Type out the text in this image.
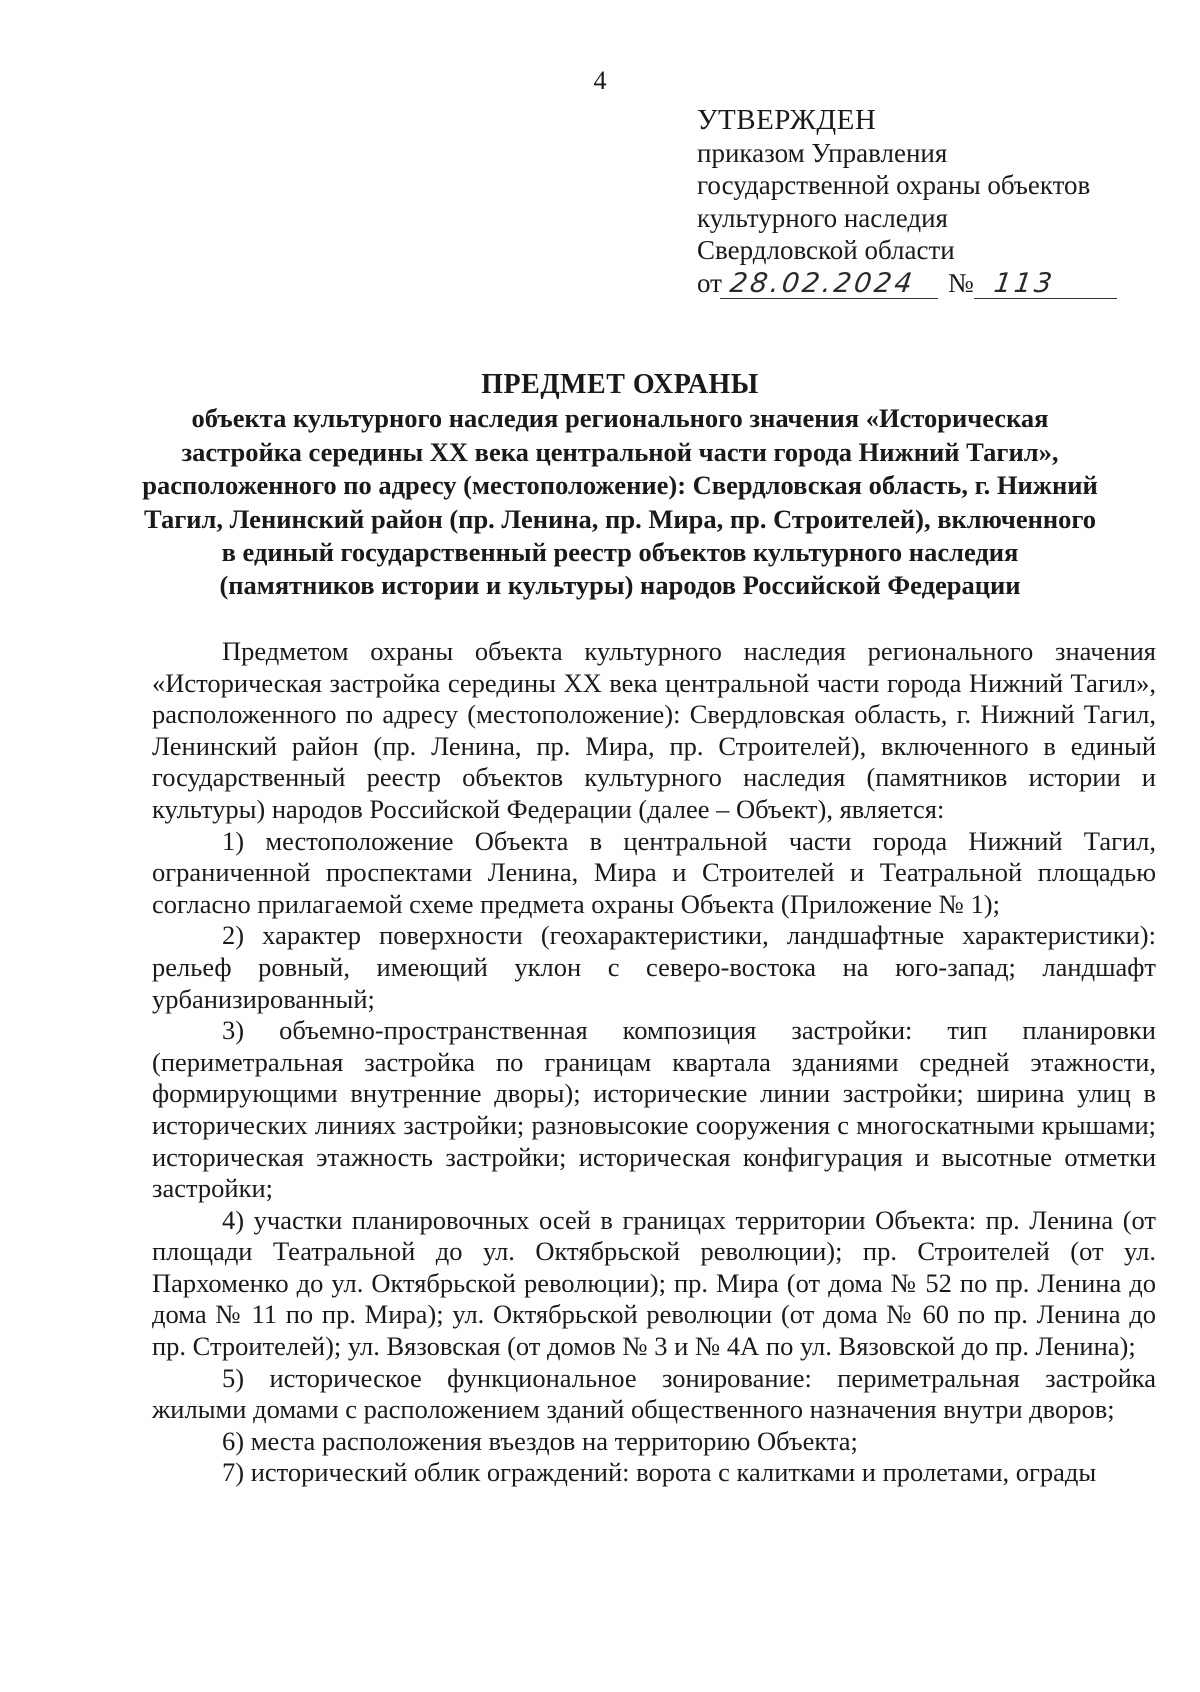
4
УТВЕРЖДЕН
приказом Управления
государственной охраны объектов
культурного наследия
Свердловской области
от 28.02.2024	№ 113
ПРЕДМЕТ ОХРАНЫ
объекта культурного наследия регионального значения «Историческая
застройка середины XX века центральной части города Нижний Тагил»,
расположенного по адресу (местоположение): Свердловская область, г. Нижний
Тагил, Ленинский район (пр. Ленина, пр. Мира, пр. Строителей), включенного
в единый государственный реестр объектов культурного наследия
(памятников истории и культуры) народов Российской Федерации

Предметом охраны объекта культурного наследия регионального значения «Историческая застройка середины XX века центральной части города Нижний Тагил», расположенного по адресу (местоположение): Свердловская область, г. Нижний Тагил, Ленинский район (пр. Ленина, пр. Мира, пр. Строителей), включенного в единый государственный реестр объектов культурного наследия (памятников истории и культуры) народов Российской Федерации (далее – Объект), является:

1) местоположение Объекта в центральной части города Нижний Тагил, ограниченной проспектами Ленина, Мира и Строителей и Театральной площадью согласно прилагаемой схеме предмета охраны Объекта (Приложение № 1);

2) характер поверхности (геохарактеристики, ландшафтные характеристики): рельеф ровный, имеющий уклон с северо-востока на юго-запад; ландшафт урбанизированный;

3) объемно-пространственная композиция застройки: тип планировки (периметральная застройка по границам квартала зданиями средней этажности, формирующими внутренние дворы); исторические линии застройки; ширина улиц в исторических линиях застройки; разновысокие сооружения с многоскатными крышами; историческая этажность застройки; историческая конфигурация и высотные отметки застройки;

4) участки планировочных осей в границах территории Объекта: пр. Ленина (от площади Театральной до ул. Октябрьской революции); пр. Строителей (от ул. Пархоменко до ул. Октябрьской революции); пр. Мира (от дома № 52 по пр. Ленина до дома № 11 по пр. Мира); ул. Октябрьской революции (от дома № 60 по пр. Ленина до пр. Строителей); ул. Вязовская (от домов № 3 и № 4А по ул. Вязовской до пр. Ленина);

5) историческое функциональное зонирование: периметральная застройка жилыми домами с расположением зданий общественного назначения внутри дворов;

6) места расположения въездов на территорию Объекта;

7) исторический облик ограждений: ворота с калитками и пролетами, ограды
